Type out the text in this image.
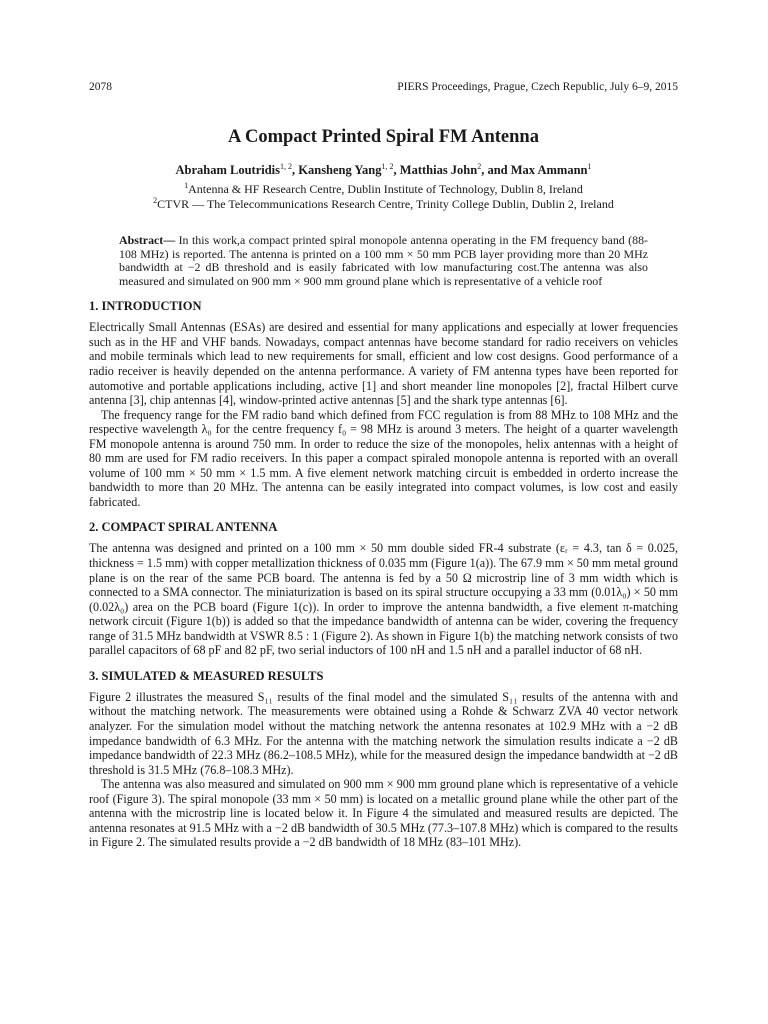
2078	PIERS Proceedings, Prague, Czech Republic, July 6–9, 2015
A Compact Printed Spiral FM Antenna
Abraham Loutridis$^{1, 2}$, Kansheng Yang$^{1, 2}$, Matthias John$^2$, and Max Ammann$^1$
$^1$Antenna & HF Research Centre, Dublin Institute of Technology, Dublin 8, Ireland
$^2$CTVR — The Telecommunications Research Centre, Trinity College Dublin, Dublin 2, Ireland
Abstract— In this work,a compact printed spiral monopole antenna operating in the FM frequency band (88-108 MHz) is reported. The antenna is printed on a 100 mm × 50 mm PCB layer providing more than 20 MHz bandwidth at −2 dB threshold and is easily fabricated with low manufacturing cost.The antenna was also measured and simulated on 900 mm × 900 mm ground plane which is representative of a vehicle roof
1. INTRODUCTION

Electrically Small Antennas (ESAs) are desired and essential for many applications and especially at lower frequencies such as in the HF and VHF bands. Nowadays, compact antennas have become standard for radio receivers on vehicles and mobile terminals which lead to new requirements for small, efficient and low cost designs. Good performance of a radio receiver is heavily depended on the antenna performance. A variety of FM antenna types have been reported for automotive and portable applications including, active [1] and short meander line monopoles [2], fractal Hilbert curve antenna [3], chip antennas [4], window-printed active antennas [5] and the shark type antennas [6].

The frequency range for the FM radio band which defined from FCC regulation is from 88 MHz to 108 MHz and the respective wavelength λ₀ for the centre frequency f₀ = 98 MHz is around 3 meters. The height of a quarter wavelength FM monopole antenna is around 750 mm. In order to reduce the size of the monopoles, helix antennas with a height of 80 mm are used for FM radio receivers. In this paper a compact spiraled monopole antenna is reported with an overall volume of 100 mm × 50 mm × 1.5 mm. A five element network matching circuit is embedded in orderto increase the bandwidth to more than 20 MHz. The antenna can be easily integrated into compact volumes, is low cost and easily fabricated.

2. COMPACT SPIRAL ANTENNA

The antenna was designed and printed on a 100 mm × 50 mm double sided FR-4 substrate (εᵣ = 4.3, tan δ = 0.025, thickness = 1.5 mm) with copper metallization thickness of 0.035 mm (Figure 1(a)). The 67.9 mm × 50 mm metal ground plane is on the rear of the same PCB board. The antenna is fed by a 50 Ω microstrip line of 3 mm width which is connected to a SMA connector. The miniaturization is based on its spiral structure occupying a 33 mm (0.01λ₀) × 50 mm (0.02λ₀) area on the PCB board (Figure 1(c)). In order to improve the antenna bandwidth, a five element π-matching network circuit (Figure 1(b)) is added so that the impedance bandwidth of antenna can be wider, covering the frequency range of 31.5 MHz bandwidth at VSWR 8.5 : 1 (Figure 2). As shown in Figure 1(b) the matching network consists of two parallel capacitors of 68 pF and 82 pF, two serial inductors of 100 nH and 1.5 nH and a parallel inductor of 68 nH.

3. SIMULATED & MEASURED RESULTS

Figure 2 illustrates the measured S₁₁ results of the final model and the simulated S₁₁ results of the antenna with and without the matching network. The measurements were obtained using a Rohde & Schwarz ZVA 40 vector network analyzer. For the simulation model without the matching network the antenna resonates at 102.9 MHz with a −2 dB impedance bandwidth of 6.3 MHz. For the antenna with the matching network the simulation results indicate a −2 dB impedance bandwidth of 22.3 MHz (86.2–108.5 MHz), while for the measured design the impedance bandwidth at −2 dB threshold is 31.5 MHz (76.8–108.3 MHz).

The antenna was also measured and simulated on 900 mm × 900 mm ground plane which is representative of a vehicle roof (Figure 3). The spiral monopole (33 mm × 50 mm) is located on a metallic ground plane while the other part of the antenna with the microstrip line is located below it. In Figure 4 the simulated and measured results are depicted. The antenna resonates at 91.5 MHz with a −2 dB bandwidth of 30.5 MHz (77.3–107.8 MHz) which is compared to the results in Figure 2. The simulated results provide a −2 dB bandwidth of 18 MHz (83–101 MHz).
